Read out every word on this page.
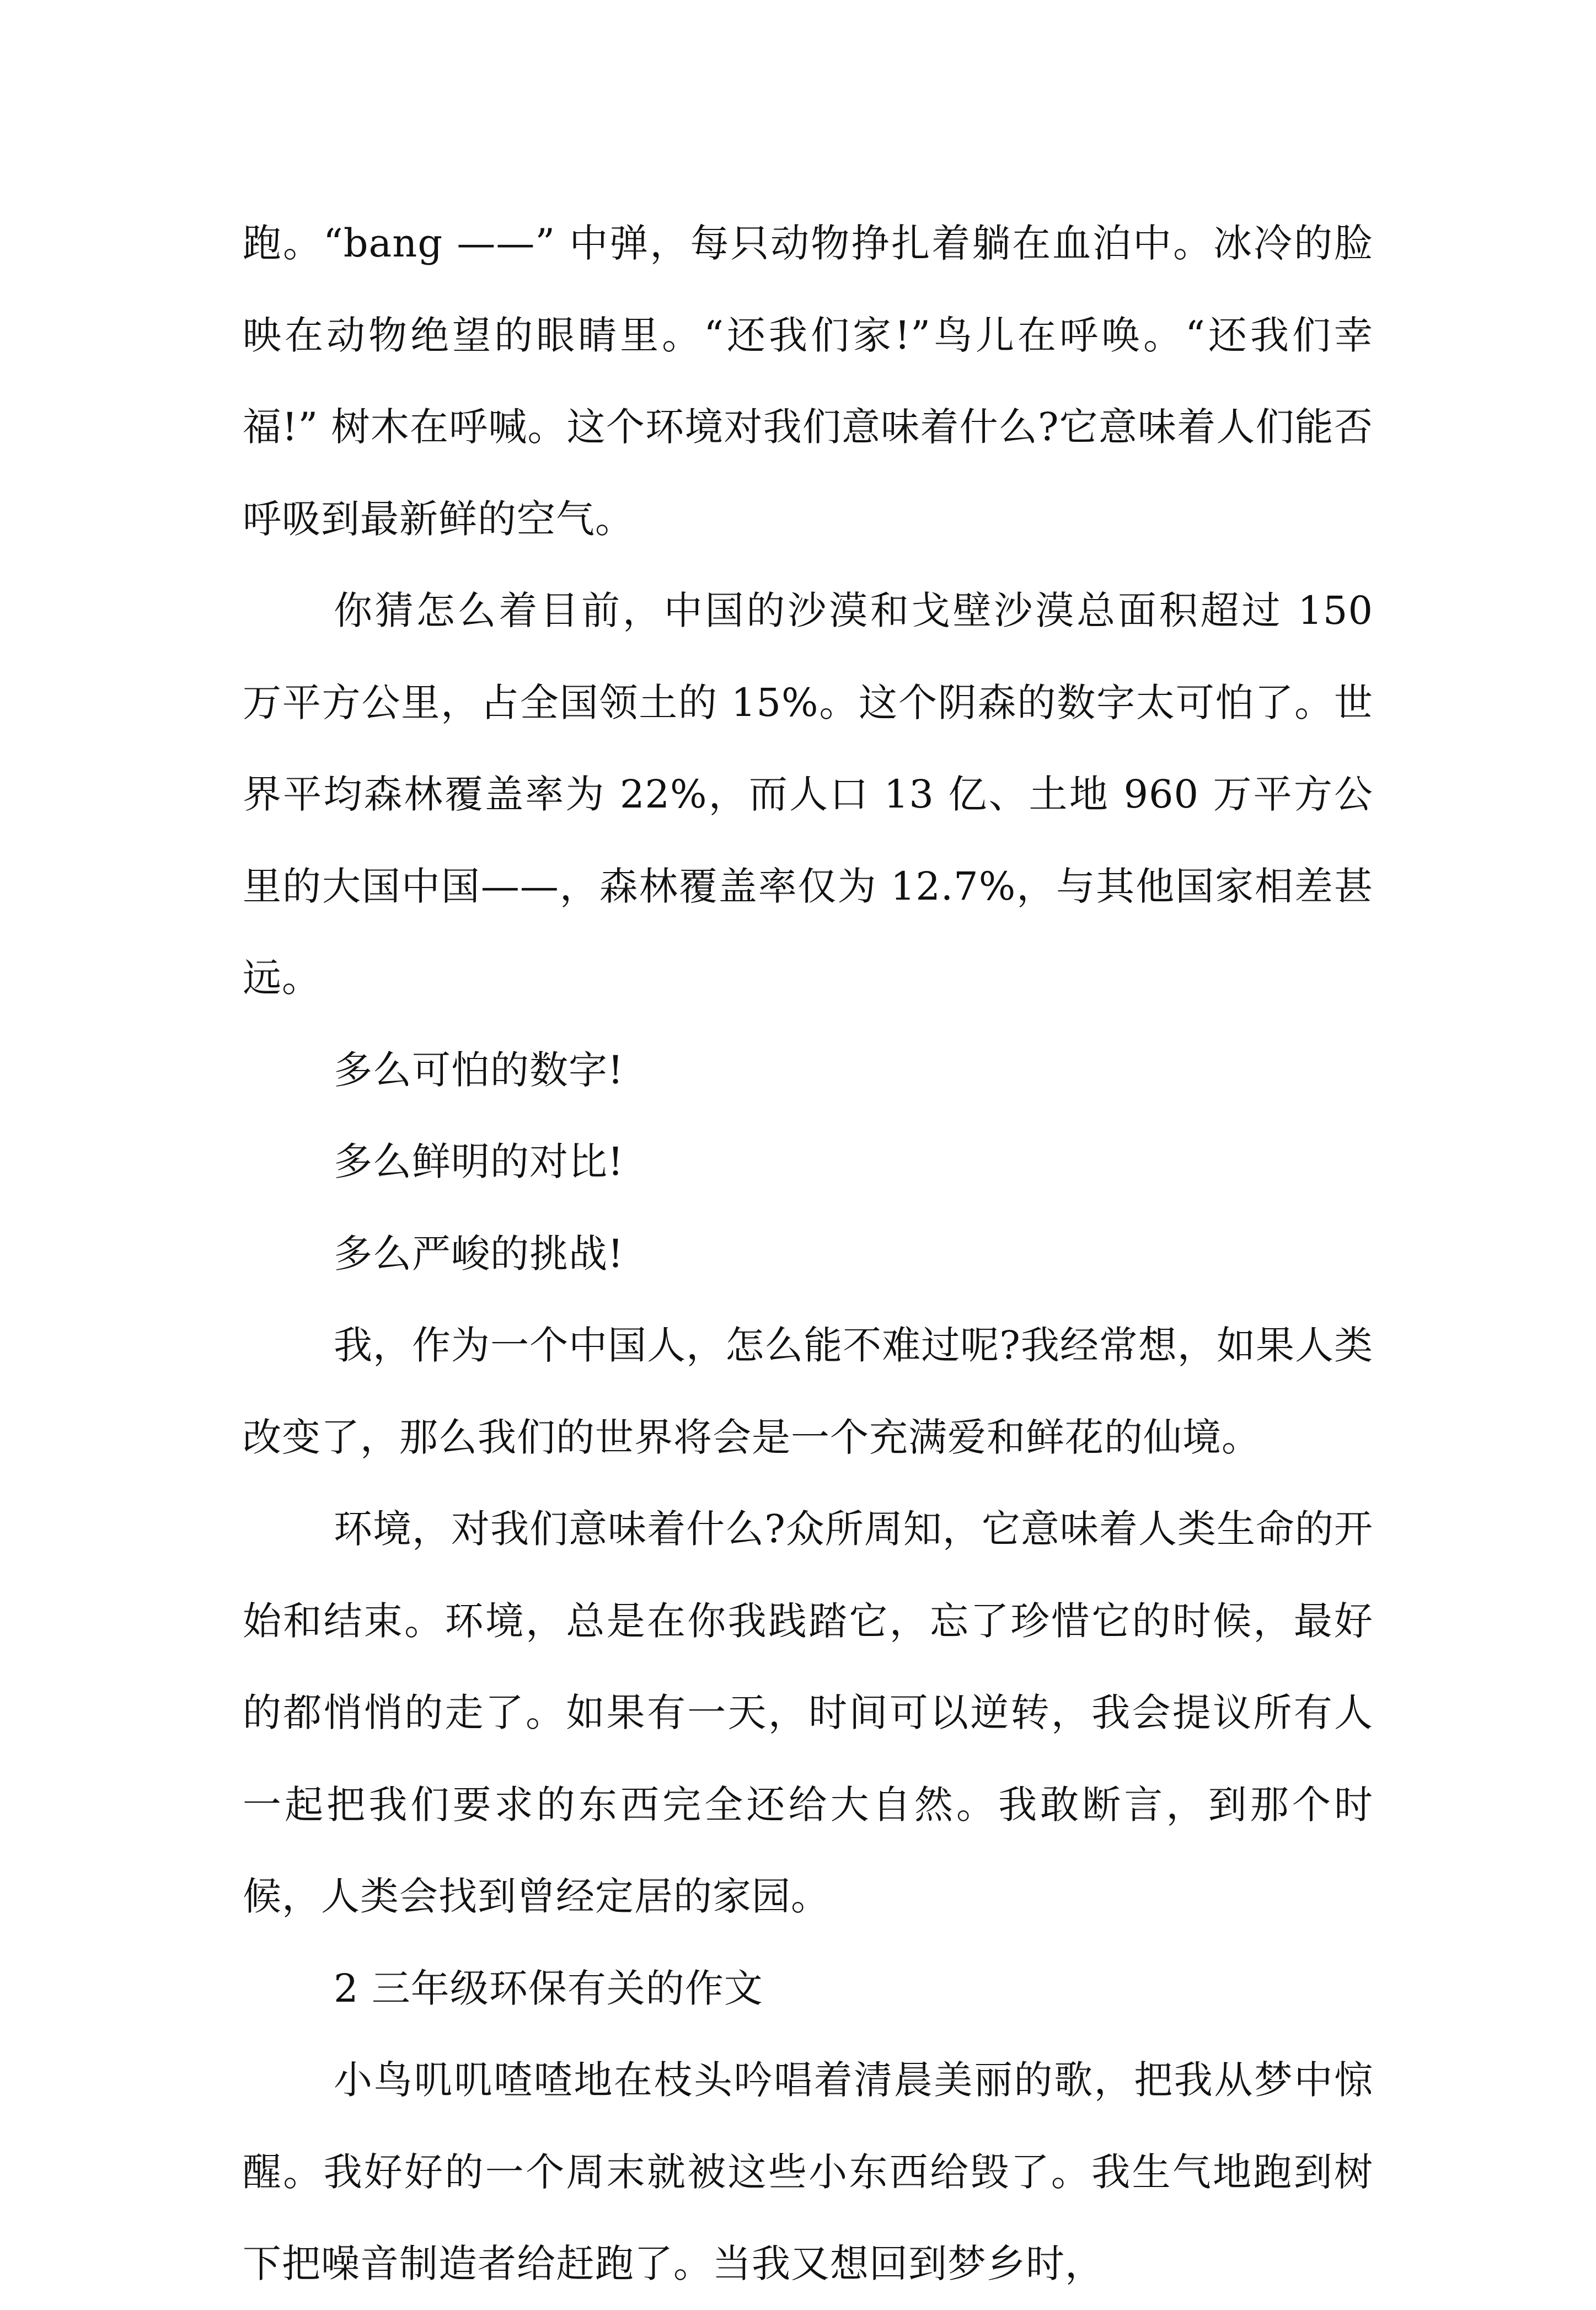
跑。“bang ——” 中弹，每只动物挣扎着躺在血泊中。冰冷的脸映在动物绝望的眼睛里。“还我们家!”鸟儿在呼唤。“还我们幸福!” 树木在呼喊。这个环境对我们意味着什么?它意味着人们能否呼吸到最新鲜的空气。

你猜怎么着目前，中国的沙漠和戈壁沙漠总面积超过 150 万平方公里，占全国领土的 15%。这个阴森的数字太可怕了。世界平均森林覆盖率为 22%，而人口 13 亿、土地 960 万平方公里的大国中国——，森林覆盖率仅为 12.7%，与其他国家相差甚远。

多么可怕的数字!

多么鲜明的对比!

多么严峻的挑战!

我，作为一个中国人，怎么能不难过呢?我经常想，如果人类改变了，那么我们的世界将会是一个充满爱和鲜花的仙境。

环境，对我们意味着什么?众所周知，它意味着人类生命的开始和结束。环境，总是在你我践踏它，忘了珍惜它的时候，最好的都悄悄的走了。如果有一天，时间可以逆转，我会提议所有人一起把我们要求的东西完全还给大自然。我敢断言，到那个时候，人类会找到曾经定居的家园。

2 三年级环保有关的作文

小鸟叽叽喳喳地在枝头吟唱着清晨美丽的歌，把我从梦中惊醒。我好好的一个周末就被这些小东西给毁了。我生气地跑到树下把噪音制造者给赶跑了。当我又想回到梦乡时，
